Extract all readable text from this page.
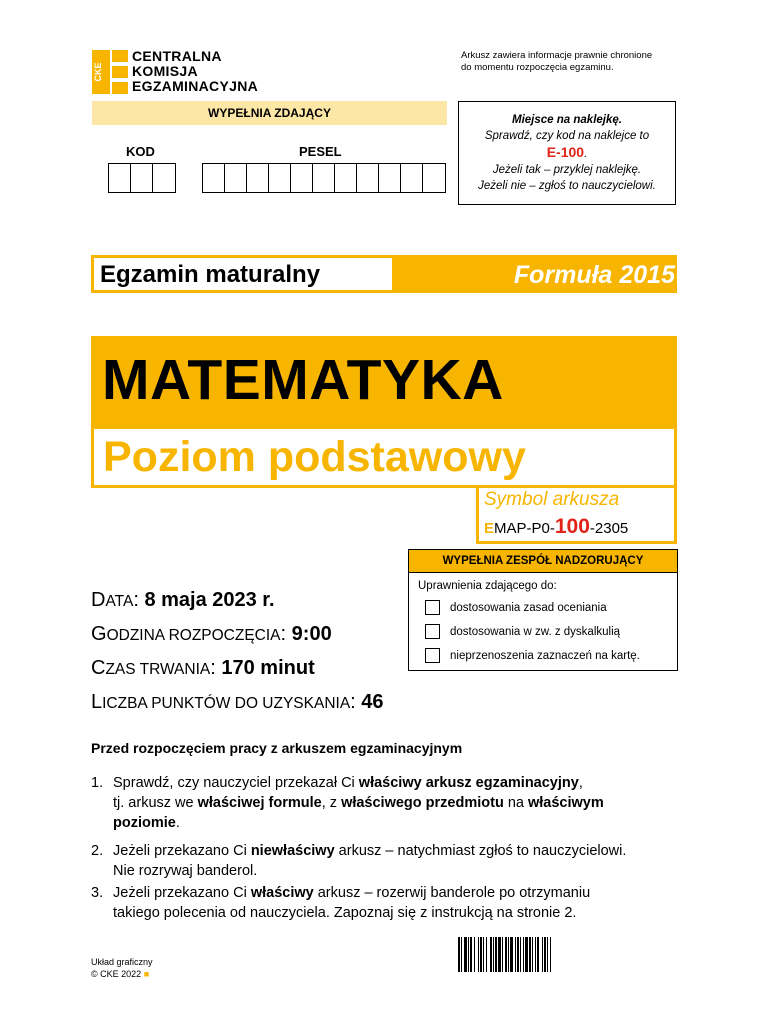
CKE
CENTRALNA
KOMISJA
EGZAMINACYJNA
Arkusz zawiera informacje prawnie chronione
do momentu rozpoczęcia egzaminu.
WYPEŁNIA ZDAJĄCY
KOD	PESEL
Miejsce na naklejkę.
Sprawdź, czy kod na naklejce to
E-100.
Jeżeli tak – przyklej naklejkę.
Jeżeli nie – zgłoś to nauczycielowi.
Egzamin maturalny	Formuła 2015
MATEMATYKA
Poziom podstawowy
Symbol arkusza
EMAP-P0-100-2305
WYPEŁNIA ZESPÓŁ NADZORUJĄCY
Uprawnienia zdającego do:
dostosowania zasad oceniania
dostosowania w zw. z dyskalkulią
nieprzenoszenia zaznaczeń na kartę.
DATA: 8 maja 2023 r.
GODZINA ROZPOCZĘCIA: 9:00
CZAS TRWANIA: 170 minut
LICZBA PUNKTÓW DO UZYSKANIA: 46
Przed rozpoczęciem pracy z arkuszem egzaminacyjnym
1. Sprawdź, czy nauczyciel przekazał Ci właściwy arkusz egzaminacyjny,
tj. arkusz we właściwej formule, z właściwego przedmiotu na właściwym poziomie.
2. Jeżeli przekazano Ci niewłaściwy arkusz – natychmiast zgłoś to nauczycielowi.
Nie rozrywaj banderol.
3. Jeżeli przekazano Ci właściwy arkusz – rozerwij banderole po otrzymaniu
takiego polecenia od nauczyciela. Zapoznaj się z instrukcją na stronie 2.
Układ graficzny
© CKE 2022 ■
